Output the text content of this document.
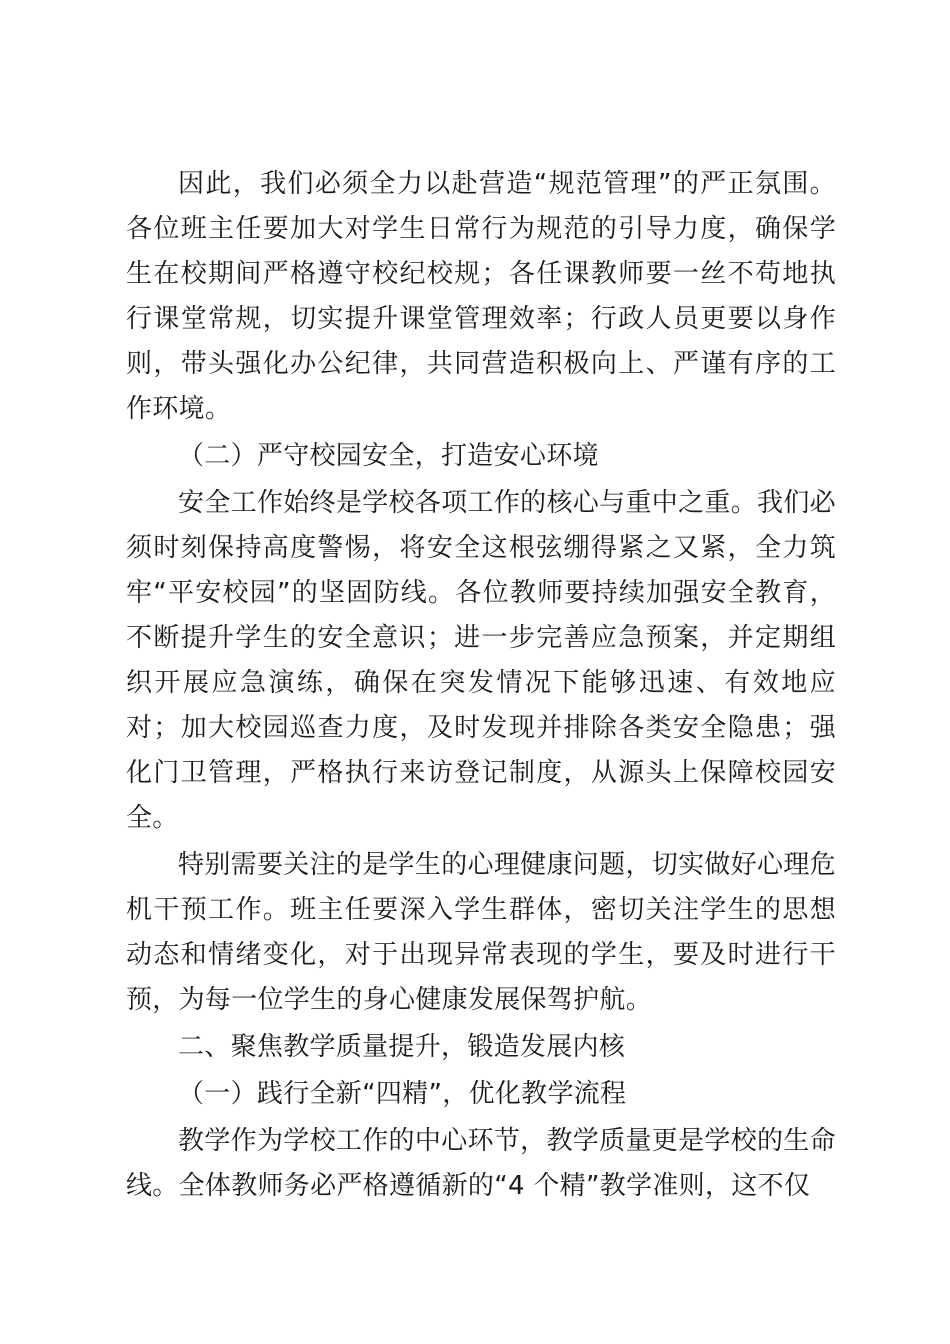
因此，我们必须全力以赴营造“规范管理”的严正氛围。各位班主任要加大对学生日常行为规范的引导力度，确保学生在校期间严格遵守校纪校规；各任课教师要一丝不苟地执行课堂常规，切实提升课堂管理效率；行政人员更要以身作则，带头强化办公纪律，共同营造积极向上、严谨有序的工作环境。

（二）严守校园安全，打造安心环境

安全工作始终是学校各项工作的核心与重中之重。我们必须时刻保持高度警惕，将安全这根弦绷得紧之又紧，全力筑牢“平安校园”的坚固防线。各位教师要持续加强安全教育，不断提升学生的安全意识；进一步完善应急预案，并定期组织开展应急演练，确保在突发情况下能够迅速、有效地应对；加大校园巡查力度，及时发现并排除各类安全隐患；强化门卫管理，严格执行来访登记制度，从源头上保障校园安全。

特别需要关注的是学生的心理健康问题，切实做好心理危机干预工作。班主任要深入学生群体，密切关注学生的思想动态和情绪变化，对于出现异常表现的学生，要及时进行干预，为每一位学生的身心健康发展保驾护航。

二、聚焦教学质量提升，锻造发展内核

（一）践行全新“四精”，优化教学流程

教学作为学校工作的中心环节，教学质量更是学校的生命线。全体教师务必严格遵循新的“4 个精”教学准则，这不仅
